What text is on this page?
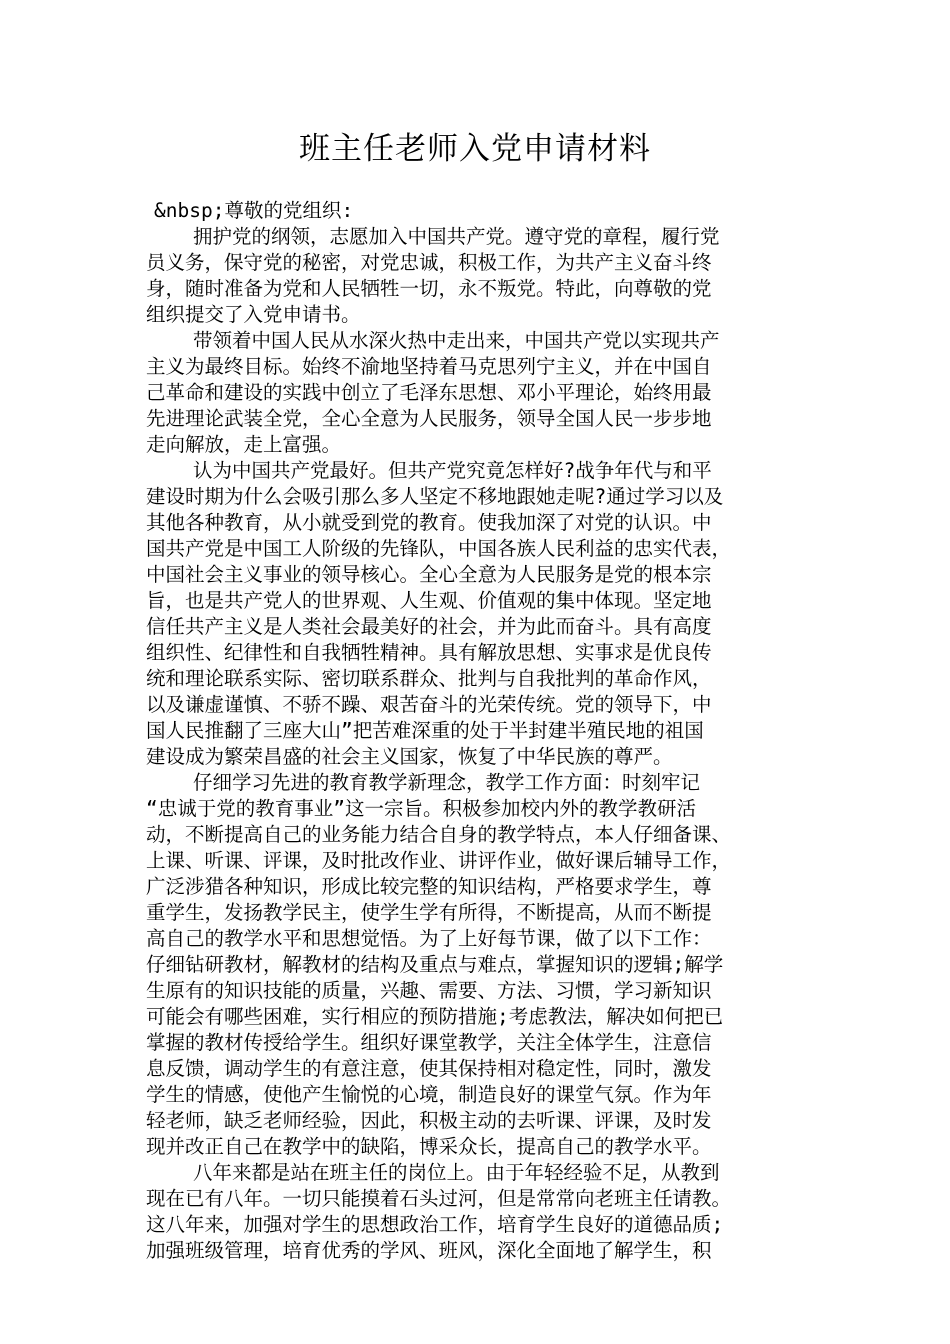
班主任老师入党申请材料
&nbsp;尊敬的党组织:
拥护党的纲领，志愿加入中国共产党。遵守党的章程，履行党
员义务，保守党的秘密，对党忠诚，积极工作，为共产主义奋斗终
身，随时准备为党和人民牺牲一切，永不叛党。特此，向尊敬的党
组织提交了入党申请书。
带领着中国人民从水深火热中走出来，中国共产党以实现共产
主义为最终目标。始终不渝地坚持着马克思列宁主义，并在中国自
己革命和建设的实践中创立了毛泽东思想、邓小平理论，始终用最
先进理论武装全党，全心全意为人民服务，领导全国人民一步步地
走向解放，走上富强。
认为中国共产党最好。但共产党究竟怎样好?战争年代与和平
建设时期为什么会吸引那么多人坚定不移地跟她走呢?通过学习以及
其他各种教育，从小就受到党的教育。使我加深了对党的认识。中
国共产党是中国工人阶级的先锋队，中国各族人民利益的忠实代表，
中国社会主义事业的领导核心。全心全意为人民服务是党的根本宗
旨，也是共产党人的世界观、人生观、价值观的集中体现。坚定地
信任共产主义是人类社会最美好的社会，并为此而奋斗。具有高度
组织性、纪律性和自我牺牲精神。具有解放思想、实事求是优良传
统和理论联系实际、密切联系群众、批判与自我批判的革命作风，
以及谦虚谨慎、不骄不躁、艰苦奋斗的光荣传统。党的领导下，中
国人民推翻了三座大山”把苦难深重的处于半封建半殖民地的祖国
建设成为繁荣昌盛的社会主义国家，恢复了中华民族的尊严。
仔细学习先进的教育教学新理念，教学工作方面：时刻牢记
“忠诚于党的教育事业”这一宗旨。积极参加校内外的教学教研活
动，不断提高自己的业务能力结合自身的教学特点，本人仔细备课、
上课、听课、评课，及时批改作业、讲评作业，做好课后辅导工作，
广泛涉猎各种知识，形成比较完整的知识结构，严格要求学生，尊
重学生，发扬教学民主，使学生学有所得，不断提高，从而不断提
高自己的教学水平和思想觉悟。为了上好每节课，做了以下工作：
仔细钻研教材，解教材的结构及重点与难点，掌握知识的逻辑;解学
生原有的知识技能的质量，兴趣、需要、方法、习惯，学习新知识
可能会有哪些困难，实行相应的预防措施;考虑教法，解决如何把已
掌握的教材传授给学生。组织好课堂教学，关注全体学生，注意信
息反馈，调动学生的有意注意，使其保持相对稳定性，同时，激发
学生的情感，使他产生愉悦的心境，制造良好的课堂气氛。作为年
轻老师，缺乏老师经验，因此，积极主动的去听课、评课，及时发
现并改正自己在教学中的缺陷，博采众长，提高自己的教学水平。
八年来都是站在班主任的岗位上。由于年轻经验不足，从教到
现在已有八年。一切只能摸着石头过河，但是常常向老班主任请教。
这八年来，加强对学生的思想政治工作，培育学生良好的道德品质;
加强班级管理，培育优秀的学风、班风，深化全面地了解学生，积
